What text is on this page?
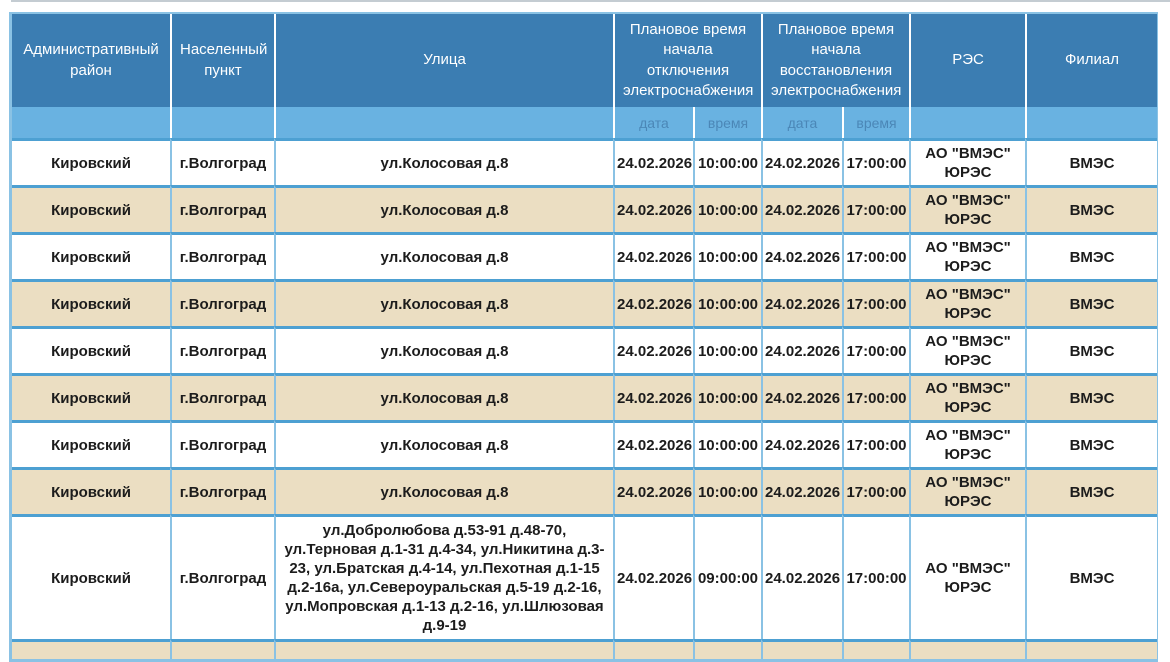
Административный район	Населенный пункт	Улица	Плановое время начала отключения электроснабжения		Плановое время начала восстановления электроснабжения		РЭС	Филиал
			дата	время	дата	время		
Кировский	г.Волгоград	ул.Колосовая д.8	24.02.2026	10:00:00	24.02.2026	17:00:00	АО "ВМЭС" ЮРЭС	ВМЭС
Кировский	г.Волгоград	ул.Колосовая д.8	24.02.2026	10:00:00	24.02.2026	17:00:00	АО "ВМЭС" ЮРЭС	ВМЭС
Кировский	г.Волгоград	ул.Колосовая д.8	24.02.2026	10:00:00	24.02.2026	17:00:00	АО "ВМЭС" ЮРЭС	ВМЭС
Кировский	г.Волгоград	ул.Колосовая д.8	24.02.2026	10:00:00	24.02.2026	17:00:00	АО "ВМЭС" ЮРЭС	ВМЭС
Кировский	г.Волгоград	ул.Колосовая д.8	24.02.2026	10:00:00	24.02.2026	17:00:00	АО "ВМЭС" ЮРЭС	ВМЭС
Кировский	г.Волгоград	ул.Колосовая д.8	24.02.2026	10:00:00	24.02.2026	17:00:00	АО "ВМЭС" ЮРЭС	ВМЭС
Кировский	г.Волгоград	ул.Колосовая д.8	24.02.2026	10:00:00	24.02.2026	17:00:00	АО "ВМЭС" ЮРЭС	ВМЭС
Кировский	г.Волгоград	ул.Колосовая д.8	24.02.2026	10:00:00	24.02.2026	17:00:00	АО "ВМЭС" ЮРЭС	ВМЭС
Кировский	г.Волгоград	ул.Добролюбова д.53-91 д.48-70, ул.Терновая д.1-31 д.4-34, ул.Никитина д.3-23, ул.Братская д.4-14, ул.Пехотная д.1-15 д.2-16а, ул.Североуральская д.5-19 д.2-16, ул.Мопровская д.1-13 д.2-16, ул.Шлюзовая д.9-19	24.02.2026	09:00:00	24.02.2026	17:00:00	АО "ВМЭС" ЮРЭС	ВМЭС
